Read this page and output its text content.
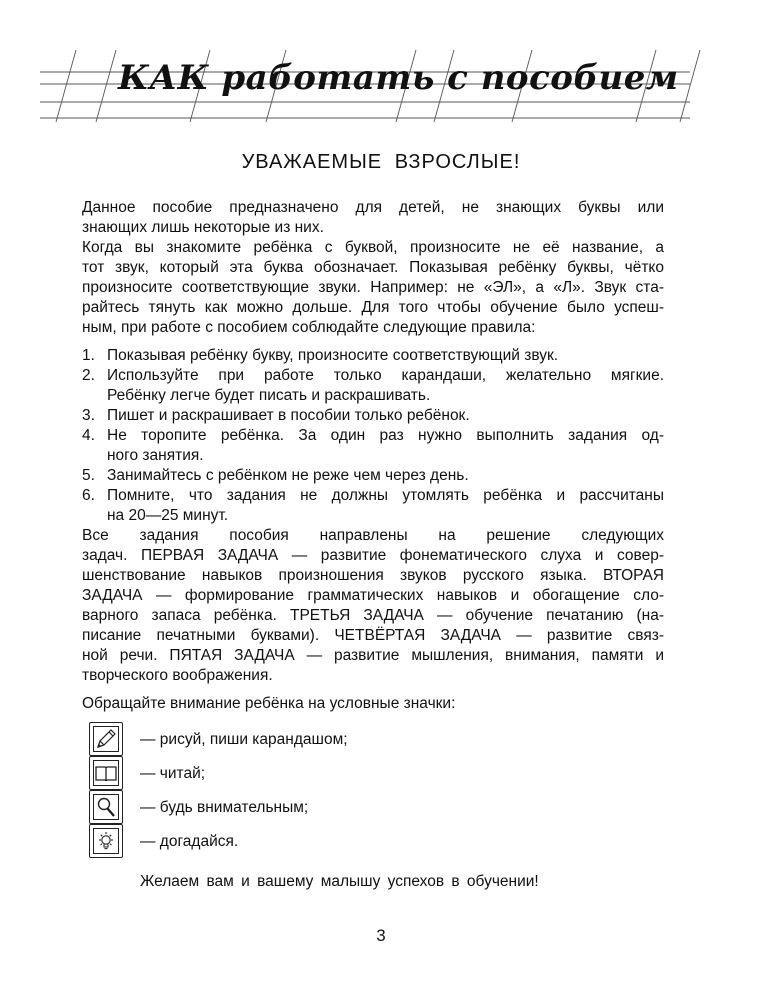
КАК работать с пособием
УВАЖАЕМЫЕ ВЗРОСЛЫЕ!
Данное пособие предназначено для детей, не знающих буквы или
знающих лишь некоторые из них.
Когда вы знакомите ребёнка с буквой, произносите не её название, а
тот звук, который эта буква обозначает. Показывая ребёнку буквы, чётко
произносите соответствующие звуки. Например: не «ЭЛ», а «Л». Звук ста-
райтесь тянуть как можно дольше. Для того чтобы обучение было успеш-
ным, при работе с пособием соблюдайте следующие правила:
1. Показывая ребёнку букву, произносите соответствующий звук.
2. Используйте при работе только карандаши, желательно мягкие.
Ребёнку легче будет писать и раскрашивать.
3. Пишет и раскрашивает в пособии только ребёнок.
4. Не торопите ребёнка. За один раз нужно выполнить задания од-
ного занятия.
5. Занимайтесь с ребёнком не реже чем через день.
6. Помните, что задания не должны утомлять ребёнка и рассчитаны
на 20—25 минут.
Все задания пособия направлены на решение следующих
задач. ПЕРВАЯ ЗАДАЧА — развитие фонематического слуха и совер-
шенствование навыков произношения звуков русского языка. ВТОРАЯ
ЗАДАЧА — формирование грамматических навыков и обогащение сло-
варного запаса ребёнка. ТРЕТЬЯ ЗАДАЧА — обучение печатанию (на-
писание печатными буквами). ЧЕТВЁРТАЯ ЗАДАЧА — развитие связ-
ной речи. ПЯТАЯ ЗАДАЧА — развитие мышления, внимания, памяти и
творческого воображения.
Обращайте внимание ребёнка на условные значки:
— рисуй, пиши карандашом;
— читай;
— будь внимательным;
— догадайся.
Желаем вам и вашему малышу успехов в обучении!
3
